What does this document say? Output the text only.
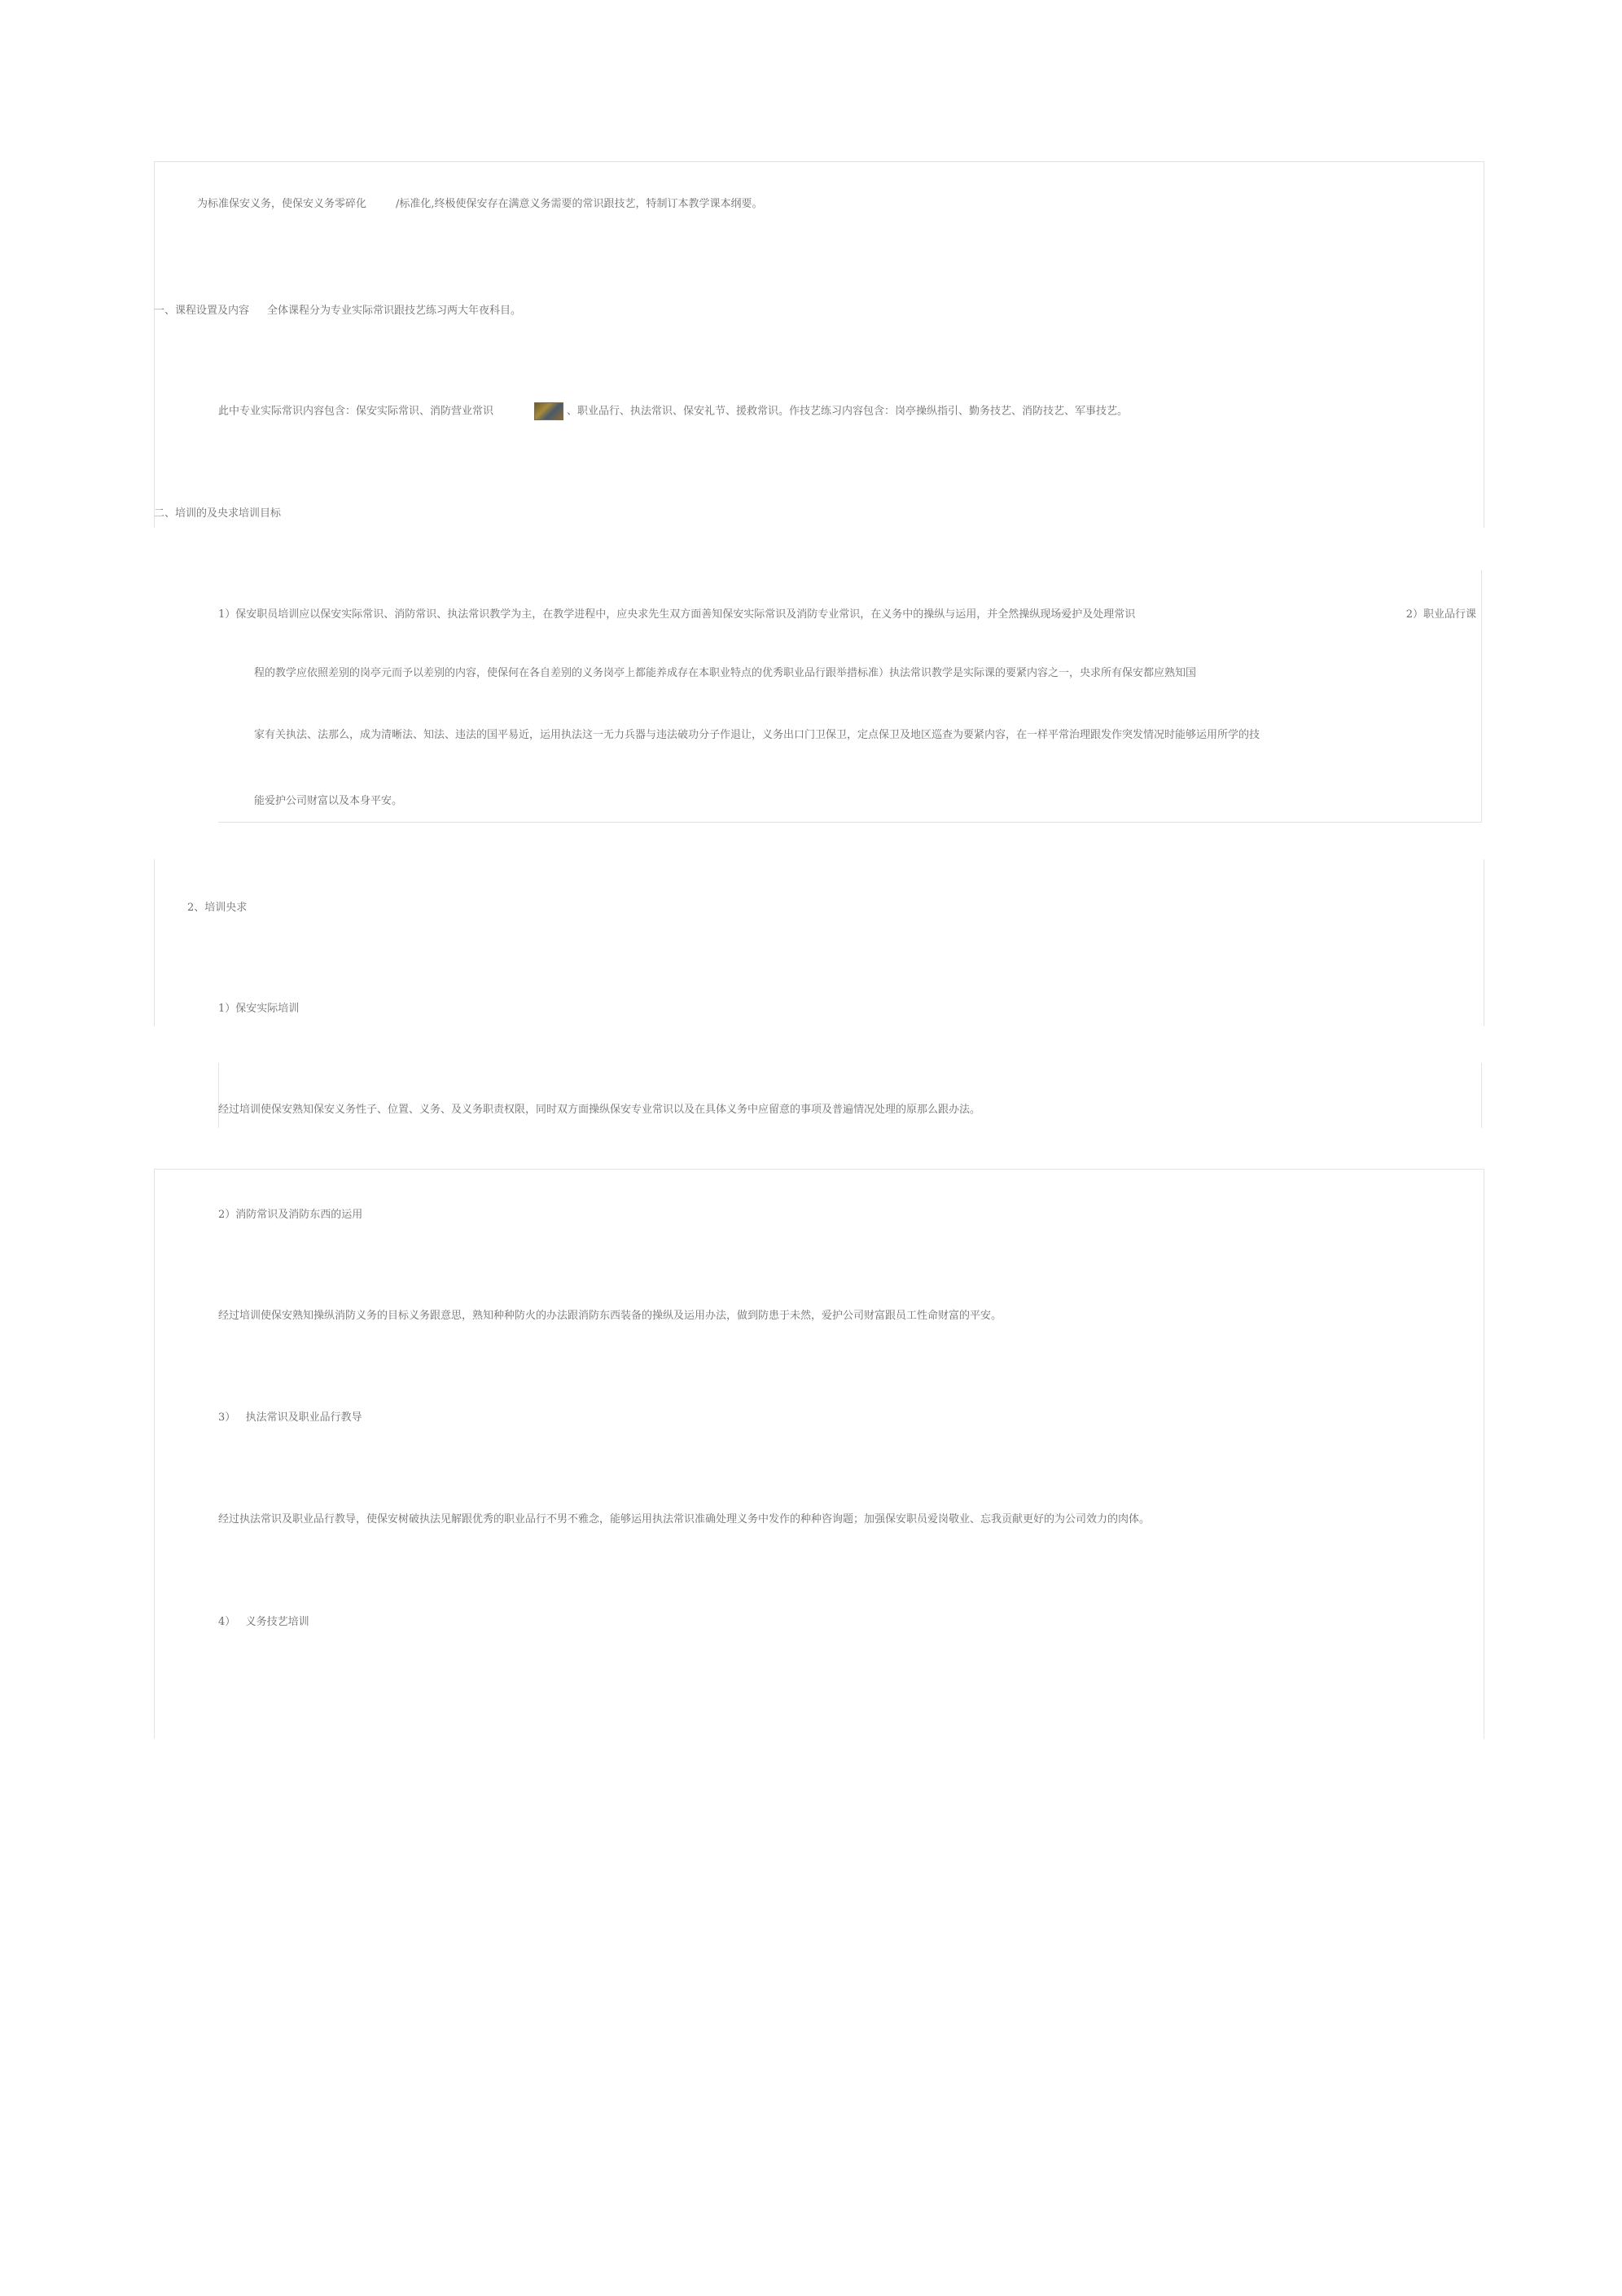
为标准保安义务，使保安义务零碎化	/标准化,终极使保安存在满意义务需要的常识跟技艺，特制订本教学课本纲要。
一、课程设置及内容 全体课程分为专业实际常识跟技艺练习两大年夜科目。
此中专业实际常识内容包含：保安实际常识、消防营业常识	、职业品行、执法常识、保安礼节、援救常识。作技艺练习内容包含：岗亭操纵指引、勤务技艺、消防技艺、军事技艺。
二、培训的及央求培训目标
1）保安职员培训应以保安实际常识、消防常识、执法常识教学为主，在教学进程中，应央求先生双方面善知保安实际常识及消防专业常识，在义务中的操纵与运用，并全然操纵现场爱护及处理常识	2）职业品行课
程的教学应依照差别的岗亭元而予以差别的内容，使保何在各自差别的义务岗亭上都能养成存在本职业特点的优秀职业品行跟举措标准）执法常识教学是实际课的要紧内容之一，央求所有保安都应熟知国
家有关执法、法那么，成为清晰法、知法、违法的国平易近，运用执法这一无力兵器与违法破功分子作退让，义务出口门卫保卫，定点保卫及地区巡查为要紧内容，在一样平常治理跟发作突发情况时能够运用所学的技
能爱护公司财富以及本身平安。
2、培训央求
1）保安实际培训
经过培训使保安熟知保安义务性子、位置、义务、及义务职责权限，同时双方面操纵保安专业常识以及在具体义务中应留意的事项及普遍情况处理的原那么跟办法。
2）消防常识及消防东西的运用
经过培训使保安熟知操纵消防义务的目标义务跟意思，熟知种种防火的办法跟消防东西装备的操纵及运用办法，做到防患于未然，爱护公司财富跟员工性命财富的平安。
3）   执法常识及职业品行教导
经过执法常识及职业品行教导，使保安树破执法见解跟优秀的职业品行不男不雅念，能够运用执法常识准确处理义务中发作的种种咨询题；加强保安职员爱岗敬业、忘我贡献更好的为公司效力的肉体。
4）   义务技艺培训
